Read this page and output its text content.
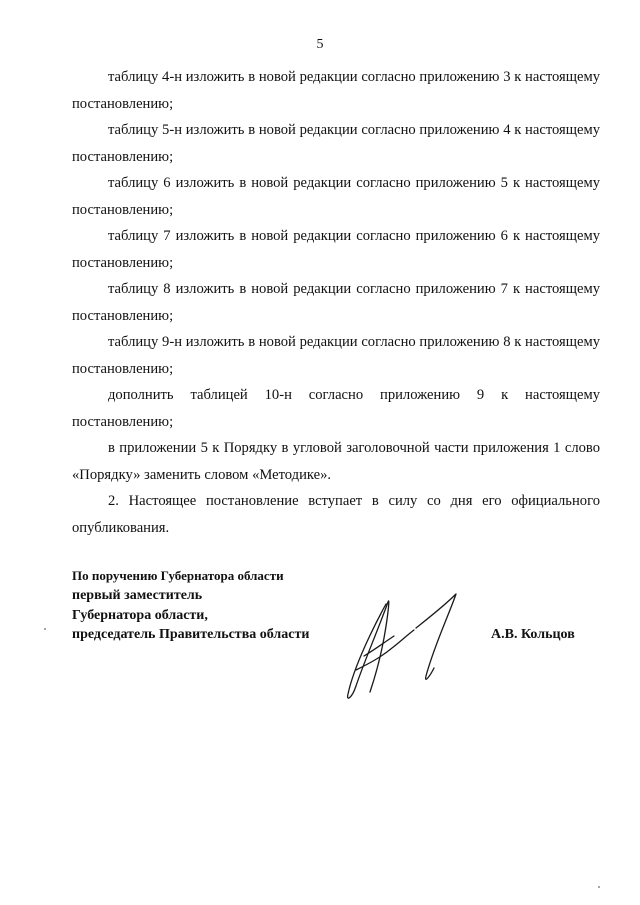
5

таблицу 4-н изложить в новой редакции согласно приложению 3 к настоящему постановлению;

таблицу 5-н изложить в новой редакции согласно приложению 4 к настоящему постановлению;

таблицу 6 изложить в новой редакции согласно приложению 5 к настоящему постановлению;

таблицу 7 изложить в новой редакции согласно приложению 6 к настоящему постановлению;

таблицу 8 изложить в новой редакции согласно приложению 7 к настоящему постановлению;

таблицу 9-н изложить в новой редакции согласно приложению 8 к настоящему постановлению;

дополнить таблицей 10-н согласно приложению 9 к настоящему постановлению;

в приложении 5 к Порядку в угловой заголовочной части приложения 1 слово «Порядку» заменить словом «Методике».

2. Настоящее постановление вступает в силу со дня его официального опубликования.

По поручению Губернатора области
первый заместитель
Губернатора области,
председатель Правительства области	А.В. Кольцов
